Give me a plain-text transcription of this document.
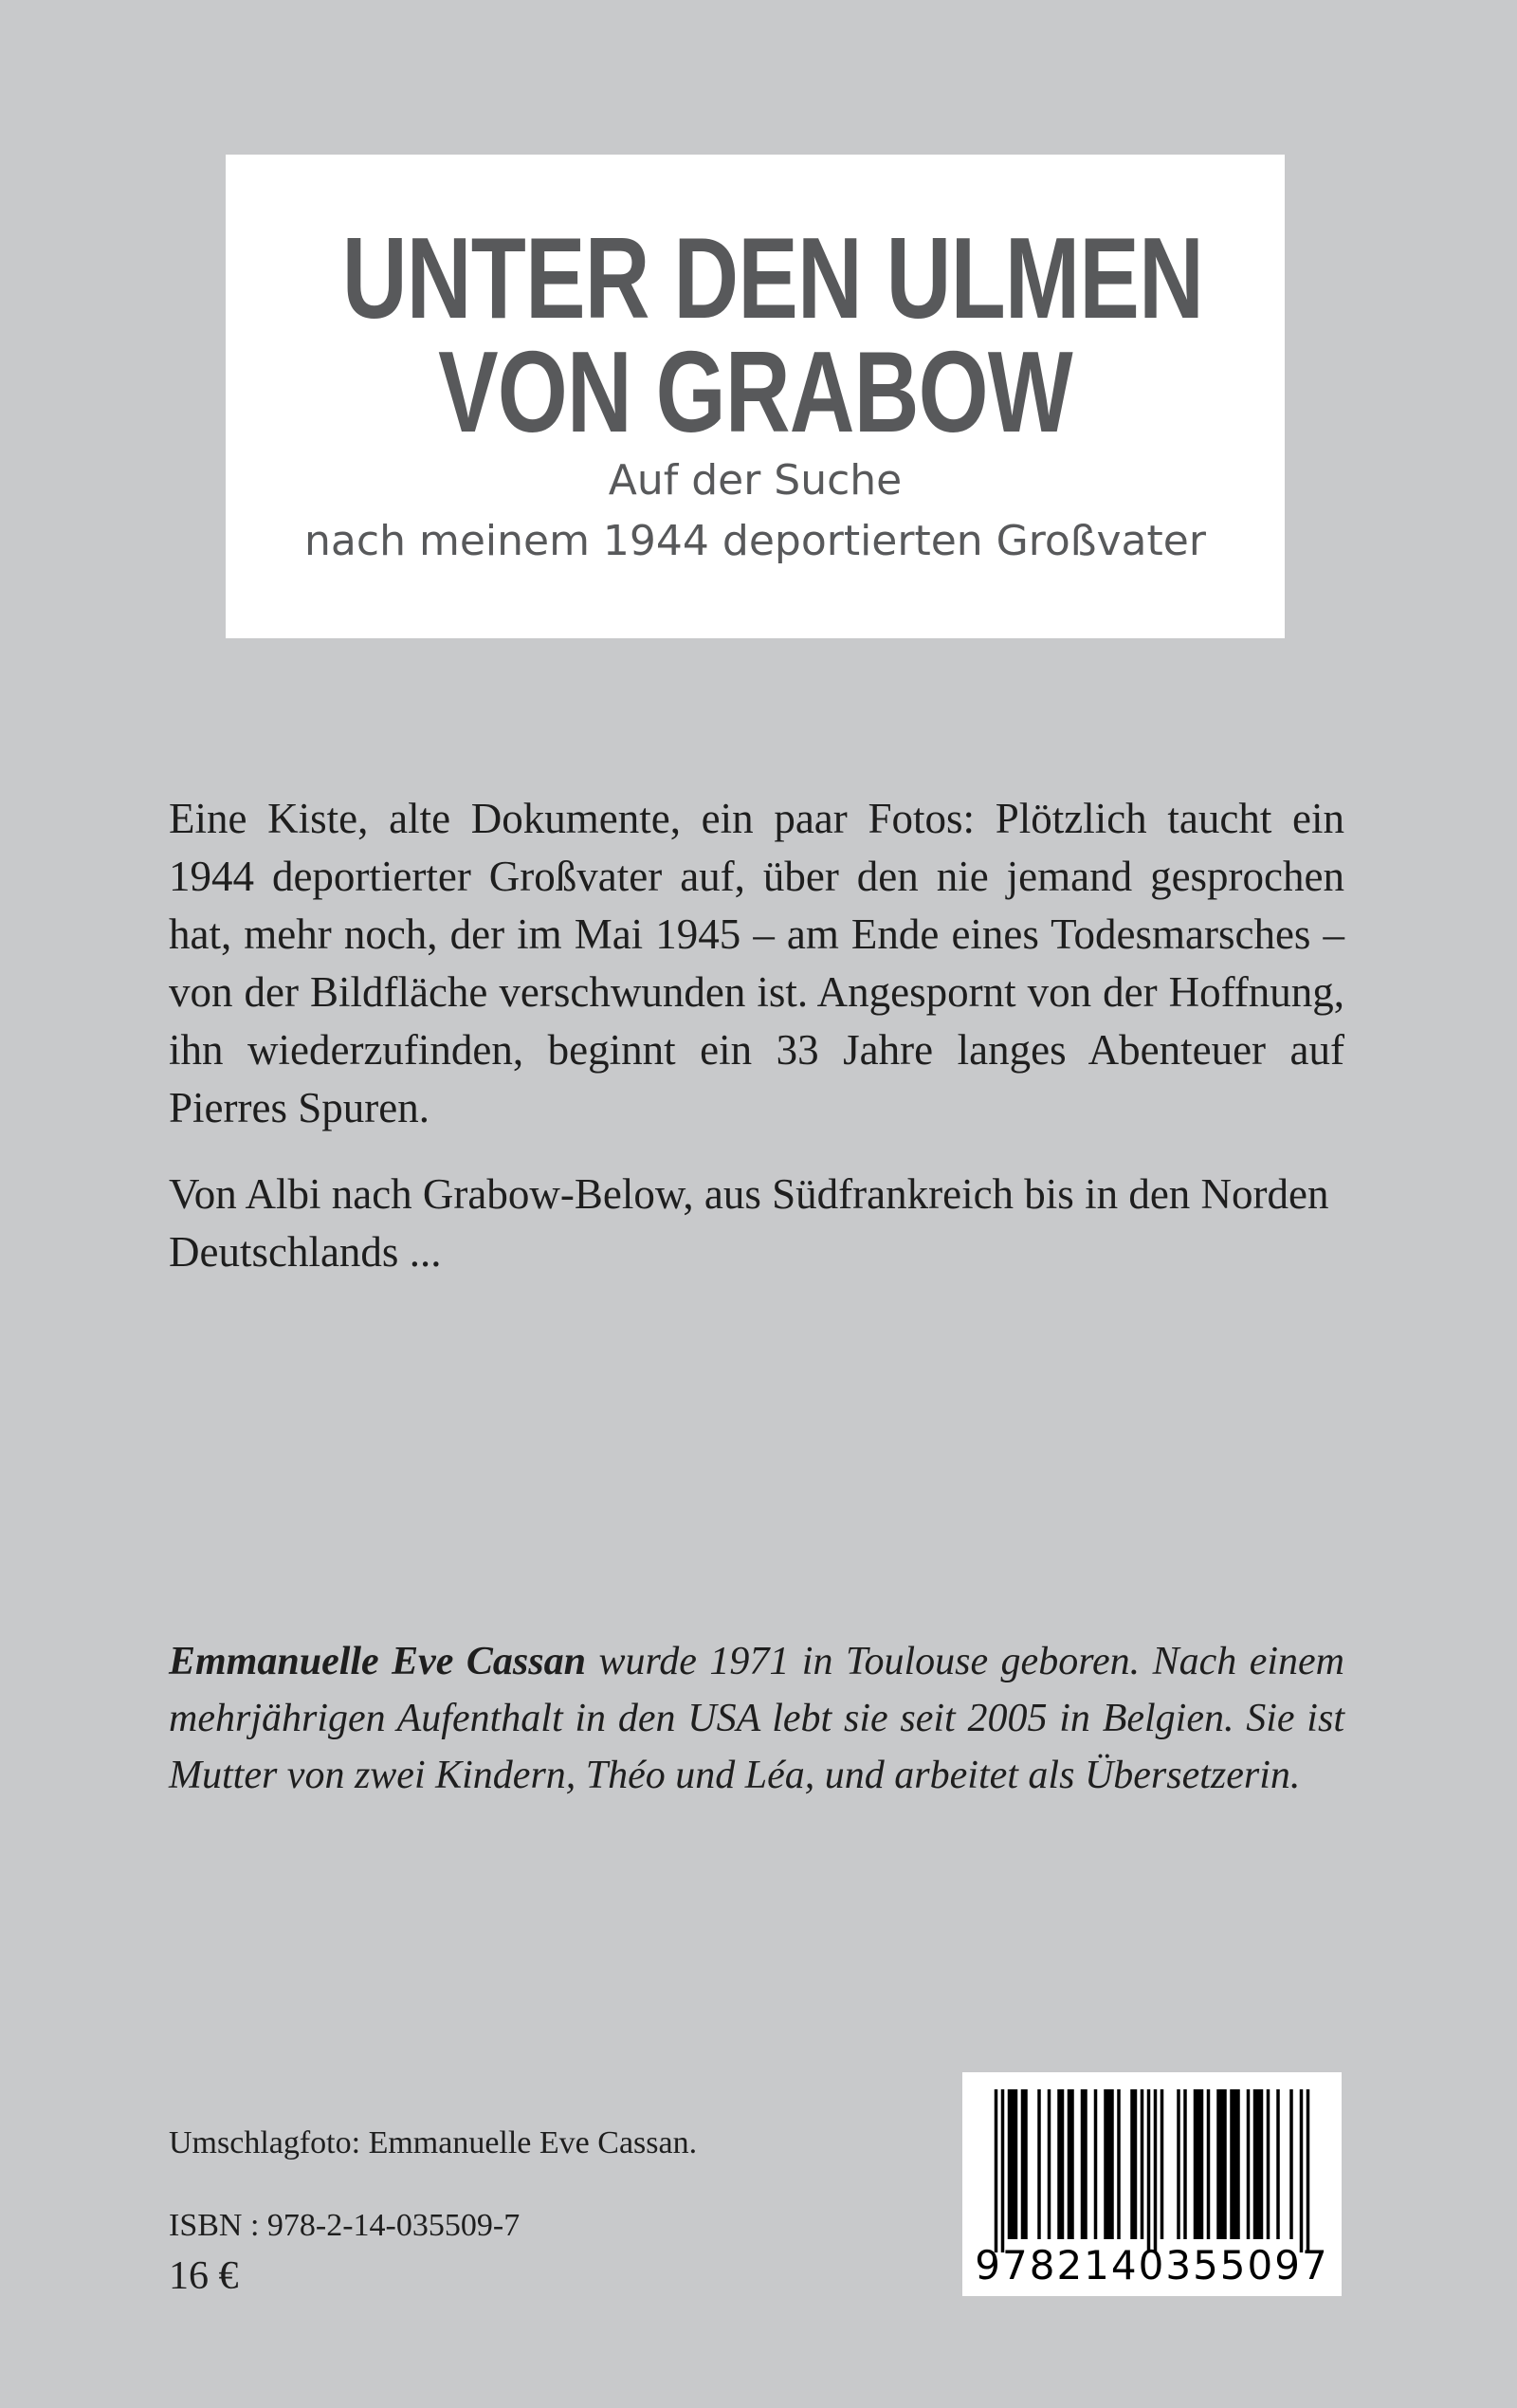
UNTER DEN ULMEN
VON GRABOW
Auf der Suche
nach meinem 1944 deportierten Großvater
Eine Kiste, alte Dokumente, ein paar Fotos: Plötzlich taucht ein 1944 deportierter Großvater auf, über den nie jemand gesprochen hat, mehr noch, der im Mai 1945 – am Ende eines Todesmarsches – von der Bildfläche verschwunden ist. Angespornt von der Hoffnung, ihn wiederzufinden, beginnt ein 33 Jahre langes Abenteuer auf Pierres Spuren.
Von Albi nach Grabow-Below, aus Südfrankreich bis in den Norden Deutschlands ...
Emmanuelle Eve Cassan wurde 1971 in Toulouse geboren. Nach einem mehrjährigen Aufenthalt in den USA lebt sie seit 2005 in Belgien. Sie ist Mutter von zwei Kindern, Théo und Léa, und arbeitet als Übersetzerin.
Umschlagfoto: Emmanuelle Eve Cassan.
ISBN : 978-2-14-035509-7
16 €	9782140355097
